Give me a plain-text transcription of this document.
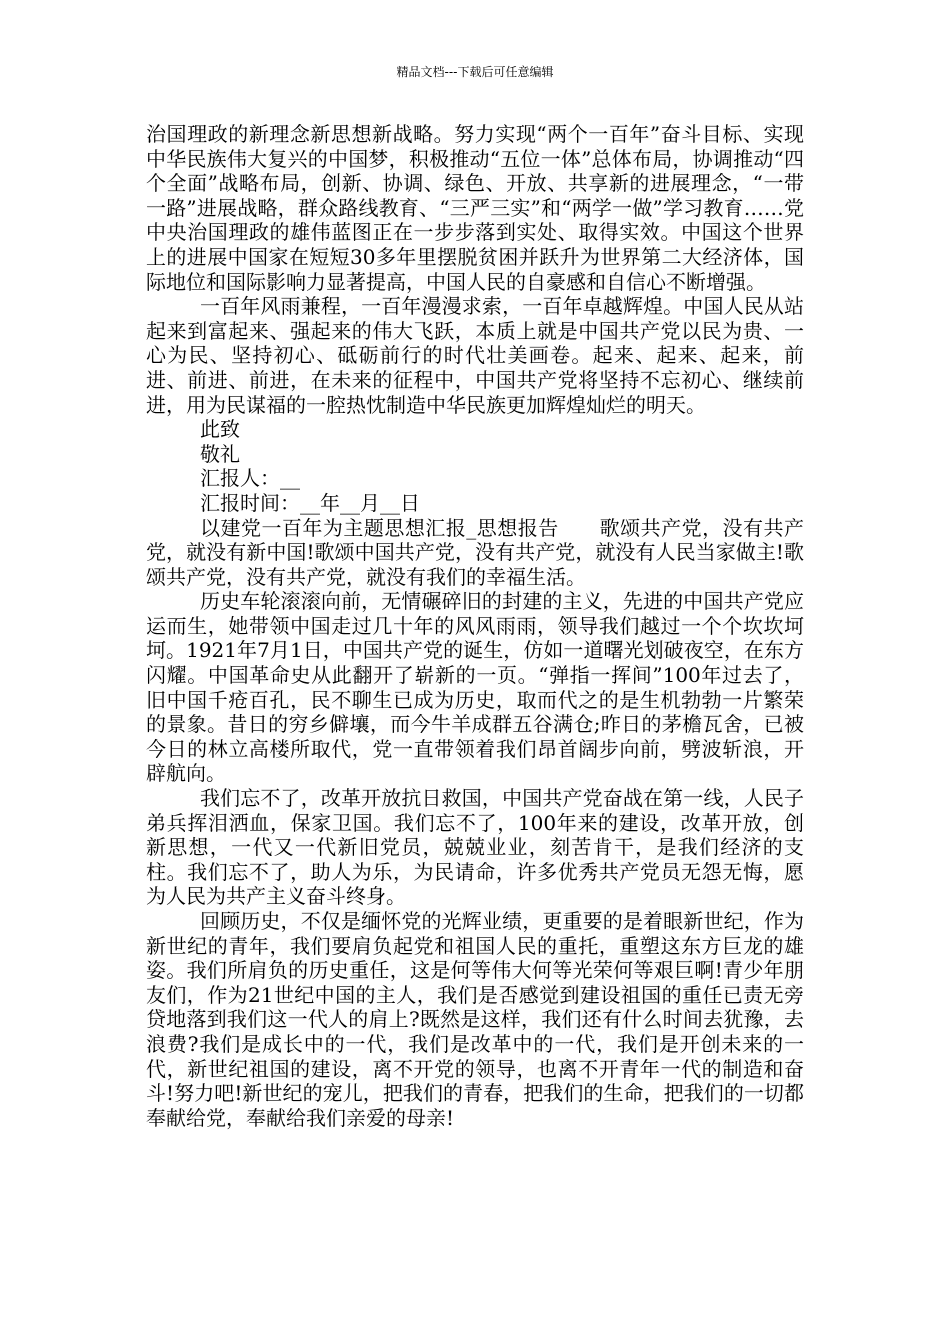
精品文档---下载后可任意编辑

治国理政的新理念新思想新战略。努力实现“两个一百年”奋斗目标、实现中华民族伟大复兴的中国梦，积极推动“五位一体”总体布局，协调推动“四个全面”战略布局，创新、协调、绿色、开放、共享新的进展理念，“一带一路”进展战略，群众路线教育、“三严三实”和“两学一做”学习教育……党中央治国理政的雄伟蓝图正在一步步落到实处、取得实效。中国这个世界上的进展中国家在短短30多年里摆脱贫困并跃升为世界第二大经济体，国际地位和国际影响力显著提高，中国人民的自豪感和自信心不断增强。

一百年风雨兼程，一百年漫漫求索，一百年卓越辉煌。中国人民从站起来到富起来、强起来的伟大飞跃，本质上就是中国共产党以民为贵、一心为民、坚持初心、砥砺前行的时代壮美画卷。起来、起来、起来，前进、前进、前进，在未来的征程中，中国共产党将坚持不忘初心、继续前进，用为民谋福的一腔热忱制造中华民族更加辉煌灿烂的明天。

此致

敬礼

汇报人：__

汇报时间：__年__月__日

以建党一百年为主题思想汇报_思想报告　　歌颂共产党，没有共产党，就没有新中国!歌颂中国共产党，没有共产党，就没有人民当家做主!歌颂共产党，没有共产党，就没有我们的幸福生活。

历史车轮滚滚向前，无情碾碎旧的封建的主义，先进的中国共产党应运而生，她带领中国走过几十年的风风雨雨，领导我们越过一个个坎坎坷坷。1921年7月1日，中国共产党的诞生，仿如一道曙光划破夜空，在东方闪耀。中国革命史从此翻开了崭新的一页。“弹指一挥间”100年过去了，旧中国千疮百孔，民不聊生已成为历史，取而代之的是生机勃勃一片繁荣的景象。昔日的穷乡僻壤，而今牛羊成群五谷满仓;昨日的茅檐瓦舍，已被今日的林立高楼所取代，党一直带领着我们昂首阔步向前，劈波斩浪，开辟航向。

我们忘不了，改革开放抗日救国，中国共产党奋战在第一线，人民子弟兵挥泪洒血，保家卫国。我们忘不了，100年来的建设，改革开放，创新思想，一代又一代新旧党员，兢兢业业，刻苦肯干，是我们经济的支柱。我们忘不了，助人为乐，为民请命，许多优秀共产党员无怨无悔，愿为人民为共产主义奋斗终身。

回顾历史，不仅是缅怀党的光辉业绩，更重要的是着眼新世纪，作为新世纪的青年，我们要肩负起党和祖国人民的重托，重塑这东方巨龙的雄姿。我们所肩负的历史重任，这是何等伟大何等光荣何等艰巨啊!青少年朋友们，作为21世纪中国的主人，我们是否感觉到建设祖国的重任已责无旁贷地落到我们这一代人的肩上?既然是这样，我们还有什么时间去犹豫，去浪费?我们是成长中的一代，我们是改革中的一代，我们是开创未来的一代，新世纪祖国的建设，离不开党的领导，也离不开青年一代的制造和奋斗!努力吧!新世纪的宠儿，把我们的青春，把我们的生命，把我们的一切都奉献给党，奉献给我们亲爱的母亲!
